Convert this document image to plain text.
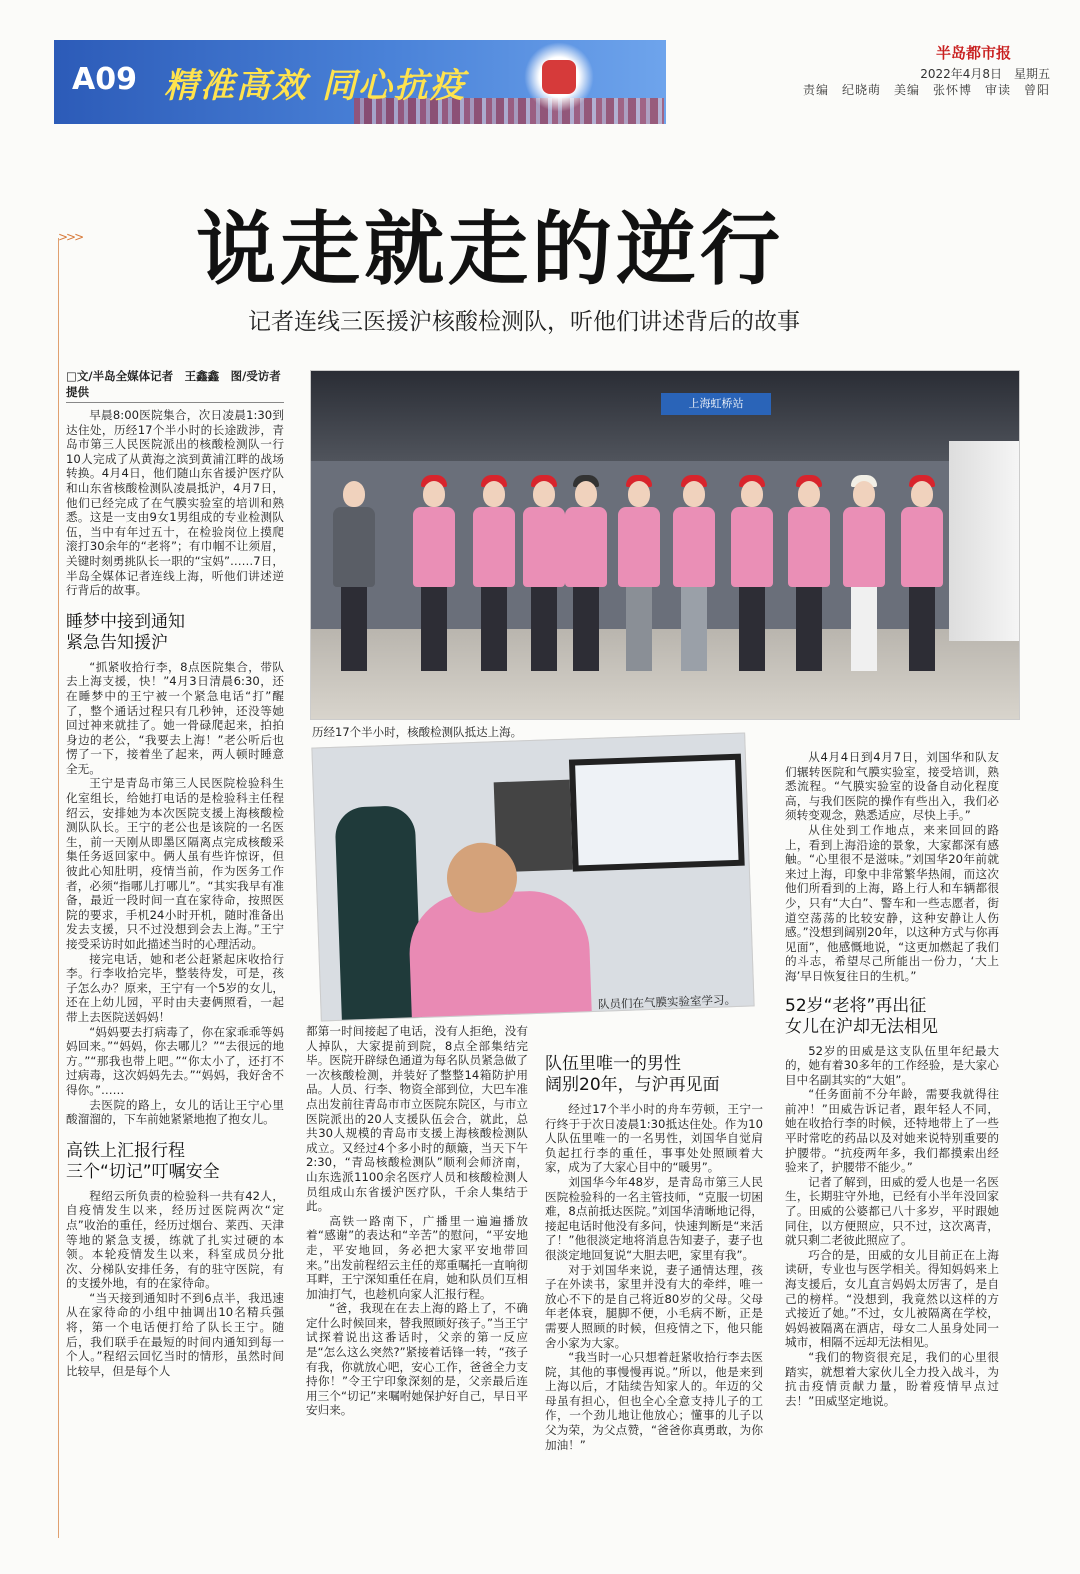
A09 精准高效 同心抗疫
半岛都市报
2022年4月8日　星期五
责编　纪晓萌　美编　张怀博　审读　曾阳
>>> 说走就走的逆行
记者连线三医援沪核酸检测队，听他们讲述背后的故事
□文/半岛全媒体记者　王鑫鑫　图/受访者提供

早晨8:00医院集合，次日凌晨1:30到达住处，历经17个半小时的长途跋涉，青岛市第三人民医院派出的核酸检测队一行10人完成了从黄海之滨到黄浦江畔的战场转换。4月4日，他们随山东省援沪医疗队和山东省核酸检测队凌晨抵沪，4月7日，他们已经完成了在气膜实验室的培训和熟悉。这是一支由9女1男组成的专业检测队伍，当中有年过五十，在检验岗位上摸爬滚打30余年的“老将”；有巾帼不让须眉，关键时刻勇挑队长一职的“宝妈”……7日，半岛全媒体记者连线上海，听他们讲述逆行背后的故事。

睡梦中接到通知
紧急告知援沪

“抓紧收拾行李，8点医院集合，带队去上海支援，快！”4月3日清晨6:30，还在睡梦中的王宁被一个紧急电话“打”醒了，整个通话过程只有几秒钟，还没等她回过神来就挂了。她一骨碌爬起来，拍拍身边的老公，“我要去上海！”老公听后也愣了一下，接着坐了起来，两人顿时睡意全无。

王宁是青岛市第三人民医院检验科生化室组长，给她打电话的是检验科主任程绍云，安排她为本次医院支援上海核酸检测队队长。王宁的老公也是该院的一名医生，前一天刚从即墨区隔离点完成核酸采集任务返回家中。俩人虽有些许惊讶，但彼此心知肚明，疫情当前，作为医务工作者，必须“指哪儿打哪儿”。“其实我早有准备，最近一段时间一直在家待命，按照医院的要求，手机24小时开机，随时准备出发去支援，只不过没想到会去上海。”王宁接受采访时如此描述当时的心理活动。

接完电话，她和老公赶紧起床收拾行李。行李收拾完毕，整装待发，可是，孩子怎么办？原来，王宁有一个5岁的女儿，还在上幼儿园，平时由夫妻俩照看，一起带上去医院送妈妈！

“妈妈要去打病毒了，你在家乖乖等妈妈回来。”“妈妈，你去哪儿？”“去很远的地方。”“那我也带上吧。”“你太小了，还打不过病毒，这次妈妈先去。”“妈妈，我好舍不得你。”……

去医院的路上，女儿的话让王宁心里酸溜溜的，下车前她紧紧地抱了抱女儿。

高铁上汇报行程
三个“切记”叮嘱安全

程绍云所负责的检验科一共有42人，自疫情发生以来，经历过医院两次“定点”收治的重任，经历过烟台、莱西、天津等地的紧急支援，练就了扎实过硬的本领。本轮疫情发生以来，科室成员分批次、分梯队安排任务，有的驻守医院，有的支援外地，有的在家待命。

“当天接到通知时不到6点半，我迅速从在家待命的小组中抽调出10名精兵强将，第一个电话便打给了队长王宁。随后，我们联手在最短的时间内通知到每一个人。”程绍云回忆当时的情形，虽然时间比较早，但是每个人

上海虹桥站
历经17个半小时，核酸检测队抵达上海。
队员们在气膜实验室学习。

都第一时间接起了电话，没有人拒绝，没有人掉队，大家提前到院，8点全部集结完毕。医院开辟绿色通道为每名队员紧急做了一次核酸检测，并装好了整整14箱防护用品。人员、行李、物资全部到位，大巴车准点出发前往青岛市市立医院东院区，与市立医院派出的20人支援队伍会合，就此，总共30人规模的青岛市支援上海核酸检测队成立。又经过4个多小时的颠簸，当天下午2:30，“青岛核酸检测队”顺利会师济南，山东选派1100余名医疗人员和核酸检测人员组成山东省援沪医疗队，千余人集结于此。

高铁一路南下，广播里一遍遍播放着“感谢”的表达和“辛苦”的慰问，“平安地走，平安地回，务必把大家平安地带回来。”出发前程绍云主任的郑重嘱托一直响彻耳畔，王宁深知重任在肩，她和队员们互相加油打气，也趁机向家人汇报行程。

“爸，我现在在去上海的路上了，不确定什么时候回来，替我照顾好孩子。”当王宁试探着说出这番话时，父亲的第一反应是“怎么这么突然?”紧接着话锋一转，“孩子有我，你就放心吧，安心工作，爸爸全力支持你！”令王宁印象深刻的是，父亲最后连用三个“切记”来嘱咐她保护好自己，早日平安归来。

队伍里唯一的男性
阔别20年，与沪再见面

经过17个半小时的舟车劳顿，王宁一行终于于次日凌晨1:30抵达住处。作为10人队伍里唯一的一名男性，刘国华自觉肩负起扛行李的重任，事事处处照顾着大家，成为了大家心目中的“暖男”。

刘国华今年48岁，是青岛市第三人民医院检验科的一名主管技师，“克服一切困难，8点前抵达医院。”刘国华清晰地记得，接起电话时他没有多问，快速判断是“来活了！”他很淡定地将消息告知妻子，妻子也很淡定地回复说“大胆去吧，家里有我”。

对于刘国华来说，妻子通情达理，孩子在外读书，家里并没有大的牵绊，唯一放心不下的是自己将近80岁的父母。父母年老体衰，腿脚不便，小毛病不断，正是需要人照顾的时候，但疫情之下，他只能舍小家为大家。

“我当时一心只想着赶紧收拾行李去医院，其他的事慢慢再说。”所以，他是来到上海以后，才陆续告知家人的。年迈的父母虽有担心，但也全心全意支持儿子的工作，一个劲儿地让他放心；懂事的儿子以父为荣，为父点赞，“爸爸你真勇敢，为你加油！”

从4月4日到4月7日，刘国华和队友们辗转医院和气膜实验室，接受培训，熟悉流程。“气膜实验室的设备自动化程度高，与我们医院的操作有些出入，我们必须转变观念，熟悉适应，尽快上手。”

从住处到工作地点，来来回回的路上，看到上海沿途的景象，大家都深有感触。“心里很不是滋味。”刘国华20年前就来过上海，印象中非常繁华热闹，而这次他们所看到的上海，路上行人和车辆都很少，只有“大白”、警车和一些志愿者，街道空荡荡的比较安静，这种安静让人伤感。”没想到阔别20年，以这种方式与你再见面”，他感慨地说，“这更加燃起了我们的斗志，希望尽己所能出一份力，‘大上海’早日恢复往日的生机。”

52岁“老将”再出征
女儿在沪却无法相见

52岁的田威是这支队伍里年纪最大的，她有着30多年的工作经验，是大家心目中名副其实的“大姐”。

“任务面前不分年龄，需要我就得往前冲！”田威告诉记者，跟年轻人不同，她在收拾行李的时候，还特地带上了一些平时常吃的药品以及对她来说特别重要的护腰带。“抗疫两年多，我们都摸索出经验来了，护腰带不能少。”

记者了解到，田威的爱人也是一名医生，长期驻守外地，已经有小半年没回家了。田威的公婆都已八十多岁，平时跟她同住，以方便照应，只不过，这次离青，就只剩二老彼此照应了。

巧合的是，田威的女儿目前正在上海读研，专业也与医学相关。得知妈妈来上海支援后，女儿直言妈妈太厉害了，是自己的榜样。“没想到，我竟然以这样的方式接近了她。”不过，女儿被隔离在学校，妈妈被隔离在酒店，母女二人虽身处同一城市，相隔不远却无法相见。

“我们的物资很充足，我们的心里很踏实，就想着大家伙儿全力投入战斗，为抗击疫情贡献力量，盼着疫情早点过去！”田威坚定地说。
